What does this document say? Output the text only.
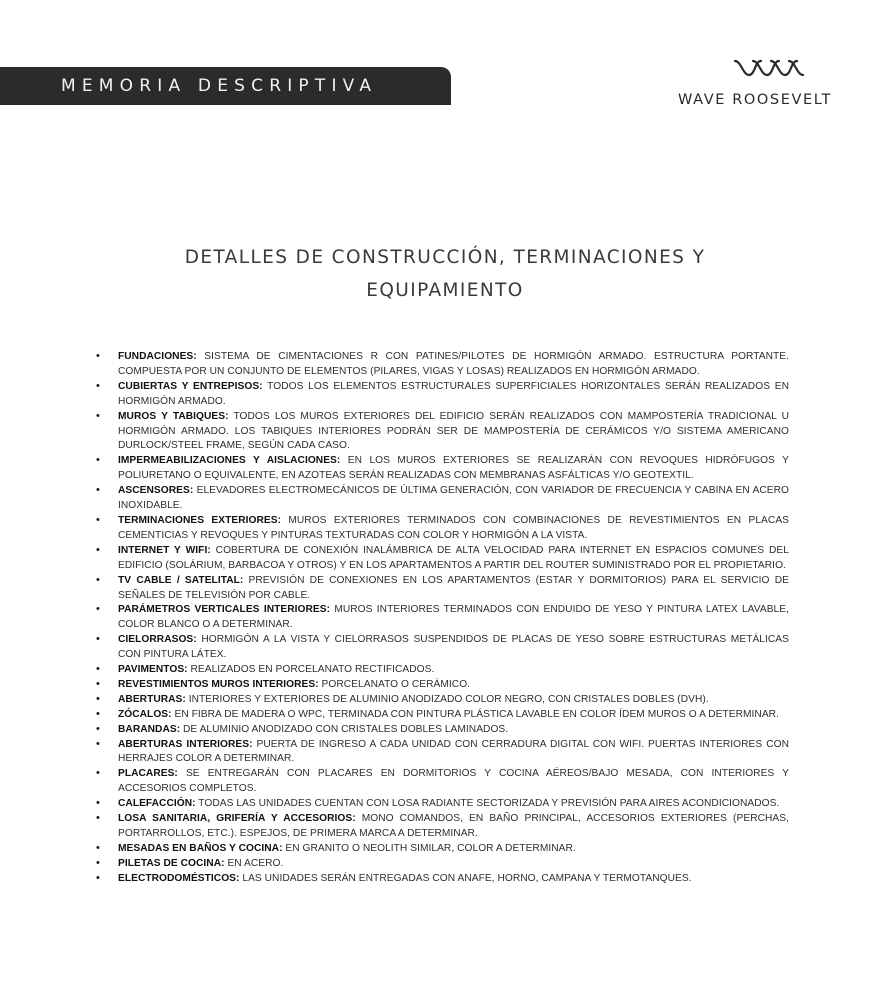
MEMORIA DESCRIPTIVA
WAVE ROOSEVELT
DETALLES DE CONSTRUCCIÓN, TERMINACIONES Y
EQUIPAMIENTO
• FUNDACIONES: SISTEMA DE CIMENTACIONES R CON PATINES/PILOTES DE HORMIGÓN ARMADO. ESTRUCTURA PORTANTE. COMPUESTA POR UN CONJUNTO DE ELEMENTOS (PILARES, VIGAS Y LOSAS) REALIZADOS EN HORMIGÓN ARMADO.
• CUBIERTAS Y ENTREPISOS: TODOS LOS ELEMENTOS ESTRUCTURALES SUPERFICIALES HORIZONTALES SERÁN REALIZADOS EN HORMIGÓN ARMADO.
• MUROS Y TABIQUES: TODOS LOS MUROS EXTERIORES DEL EDIFICIO SERÁN REALIZADOS CON MAMPOSTERÍA TRADICIONAL U HORMIGÓN ARMADO. LOS TABIQUES INTERIORES PODRÁN SER DE MAMPOSTERÍA DE CERÁMICOS Y/O SISTEMA AMERICANO DURLOCK/STEEL FRAME, SEGÚN CADA CASO.
• IMPERMEABILIZACIONES Y AISLACIONES: EN LOS MUROS EXTERIORES SE REALIZARÁN CON REVOQUES HIDRÓFUGOS Y POLIURETANO O EQUIVALENTE, EN AZOTEAS SERÁN REALIZADAS CON MEMBRANAS ASFÁLTICAS Y/O GEOTEXTIL.
• ASCENSORES: ELEVADORES ELECTROMECÁNICOS DE ÚLTIMA GENERACIÓN, CON VARIADOR DE FRECUENCIA Y CABINA EN ACERO INOXIDABLE.
• TERMINACIONES EXTERIORES: MUROS EXTERIORES TERMINADOS CON COMBINACIONES DE REVESTIMIENTOS EN PLACAS CEMENTICIAS Y REVOQUES Y PINTURAS TEXTURADAS CON COLOR Y HORMIGÓN A LA VISTA.
• INTERNET Y WIFI: COBERTURA DE CONEXIÓN INALÁMBRICA DE ALTA VELOCIDAD PARA INTERNET EN ESPACIOS COMUNES DEL EDIFICIO (SOLÁRIUM, BARBACOA Y OTROS) Y EN LOS APARTAMENTOS A PARTIR DEL ROUTER SUMINISTRADO POR EL PROPIETARIO.
• TV CABLE / SATELITAL: PREVISIÓN DE CONEXIONES EN LOS APARTAMENTOS (ESTAR Y DORMITORIOS) PARA EL SERVICIO DE SEÑALES DE TELEVISIÓN POR CABLE.
• PARÁMETROS VERTICALES INTERIORES: MUROS INTERIORES TERMINADOS CON ENDUIDO DE YESO Y PINTURA LATEX LAVABLE, COLOR BLANCO O A DETERMINAR.
• CIELORRASOS: HORMIGÓN A LA VISTA Y CIELORRASOS SUSPENDIDOS DE PLACAS DE YESO SOBRE ESTRUCTURAS METÁLICAS CON PINTURA LÁTEX.
• PAVIMENTOS: REALIZADOS EN PORCELANATO RECTIFICADOS.
• REVESTIMIENTOS MUROS INTERIORES: PORCELANATO O CERÁMICO.
• ABERTURAS: INTERIORES Y EXTERIORES DE ALUMINIO ANODIZADO COLOR NEGRO, CON CRISTALES DOBLES (DVH).
• ZÓCALOS: EN FIBRA DE MADERA O WPC, TERMINADA CON PINTURA PLÁSTICA LAVABLE EN COLOR ÍDEM MUROS O A DETERMINAR.
• BARANDAS: DE ALUMINIO ANODIZADO CON CRISTALES DOBLES LAMINADOS.
• ABERTURAS INTERIORES: PUERTA DE INGRESO A CADA UNIDAD CON CERRADURA DIGITAL CON WIFI. PUERTAS INTERIORES CON HERRAJES COLOR A DETERMINAR.
• PLACARES: SE ENTREGARÁN CON PLACARES EN DORMITORIOS Y COCINA AÉREOS/BAJO MESADA, CON INTERIORES Y ACCESORIOS COMPLETOS.
• CALEFACCIÓN: TODAS LAS UNIDADES CUENTAN CON LOSA RADIANTE SECTORIZADA Y PREVISIÓN PARA AIRES ACONDICIONADOS.
• LOSA SANITARIA, GRIFERÍA Y ACCESORIOS: MONO COMANDOS, EN BAÑO PRINCIPAL, ACCESORIOS EXTERIORES (PERCHAS, PORTARROLLOS, ETC.). ESPEJOS, DE PRIMERA MARCA A DETERMINAR.
• MESADAS EN BAÑOS Y COCINA: EN GRANITO O NEOLITH SIMILAR, COLOR A DETERMINAR.
• PILETAS DE COCINA: EN ACERO.
• ELECTRODOMÉSTICOS: LAS UNIDADES SERÁN ENTREGADAS CON ANAFE, HORNO, CAMPANA Y TERMOTANQUES.
